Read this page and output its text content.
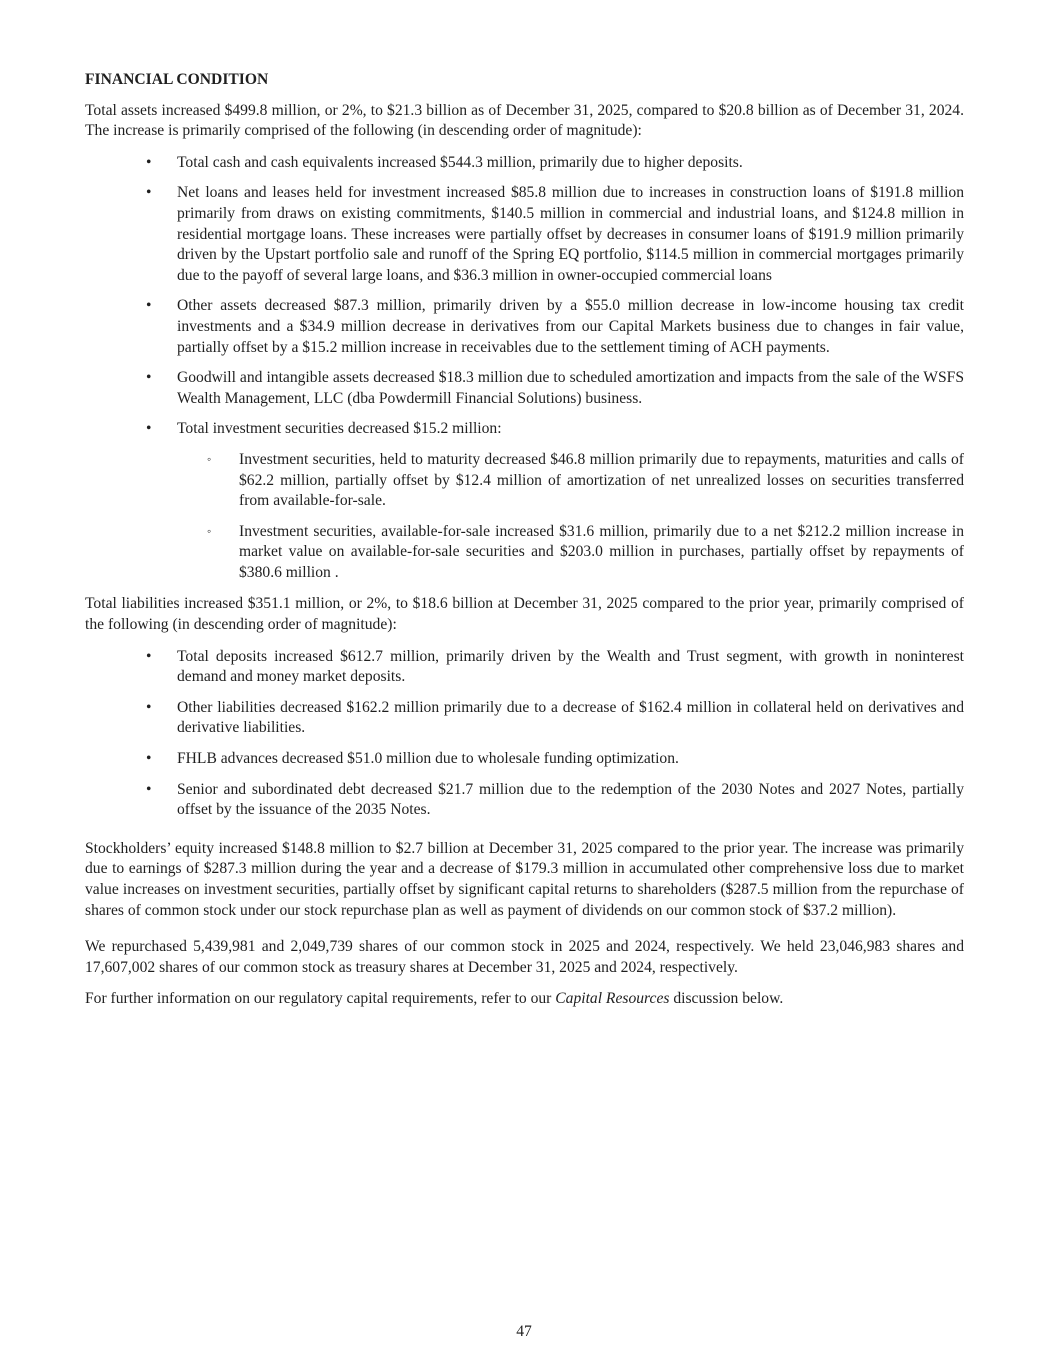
FINANCIAL CONDITION

Total assets increased $499.8 million, or 2%, to $21.3 billion as of December 31, 2025, compared to $20.8 billion as of December 31, 2024. The increase is primarily comprised of the following (in descending order of magnitude):

• Total cash and cash equivalents increased $544.3 million, primarily due to higher deposits.
• Net loans and leases held for investment increased $85.8 million due to increases in construction loans of $191.8 million primarily from draws on existing commitments, $140.5 million in commercial and industrial loans, and $124.8 million in residential mortgage loans. These increases were partially offset by decreases in consumer loans of $191.9 million primarily driven by the Upstart portfolio sale and runoff of the Spring EQ portfolio, $114.5 million in commercial mortgages primarily due to the payoff of several large loans, and $36.3 million in owner-occupied commercial loans
• Other assets decreased $87.3 million, primarily driven by a $55.0 million decrease in low-income housing tax credit investments and a $34.9 million decrease in derivatives from our Capital Markets business due to changes in fair value, partially offset by a $15.2 million increase in receivables due to the settlement timing of ACH payments.
• Goodwill and intangible assets decreased $18.3 million due to scheduled amortization and impacts from the sale of the WSFS Wealth Management, LLC (dba Powdermill Financial Solutions) business.
• Total investment securities decreased $15.2 million:
◦ Investment securities, held to maturity decreased $46.8 million primarily due to repayments, maturities and calls of $62.2 million, partially offset by $12.4 million of amortization of net unrealized losses on securities transferred from available-for-sale.
◦ Investment securities, available-for-sale increased $31.6 million, primarily due to a net $212.2 million increase in market value on available-for-sale securities and $203.0 million in purchases, partially offset by repayments of $380.6 million .

Total liabilities increased $351.1 million, or 2%, to $18.6 billion at December 31, 2025 compared to the prior year, primarily comprised of the following (in descending order of magnitude):

• Total deposits increased $612.7 million, primarily driven by the Wealth and Trust segment, with growth in noninterest demand and money market deposits.
• Other liabilities decreased $162.2 million primarily due to a decrease of $162.4 million in collateral held on derivatives and derivative liabilities.
• FHLB advances decreased $51.0 million due to wholesale funding optimization.
• Senior and subordinated debt decreased $21.7 million due to the redemption of the 2030 Notes and 2027 Notes, partially offset by the issuance of the 2035 Notes.

Stockholders’ equity increased $148.8 million to $2.7 billion at December 31, 2025 compared to the prior year. The increase was primarily due to earnings of $287.3 million during the year and a decrease of $179.3 million in accumulated other comprehensive loss due to market value increases on investment securities, partially offset by significant capital returns to shareholders ($287.5 million from the repurchase of shares of common stock under our stock repurchase plan as well as payment of dividends on our common stock of $37.2 million).

We repurchased 5,439,981 and 2,049,739 shares of our common stock in 2025 and 2024, respectively. We held 23,046,983 shares and 17,607,002 shares of our common stock as treasury shares at December 31, 2025 and 2024, respectively.

For further information on our regulatory capital requirements, refer to our Capital Resources discussion below.

47
